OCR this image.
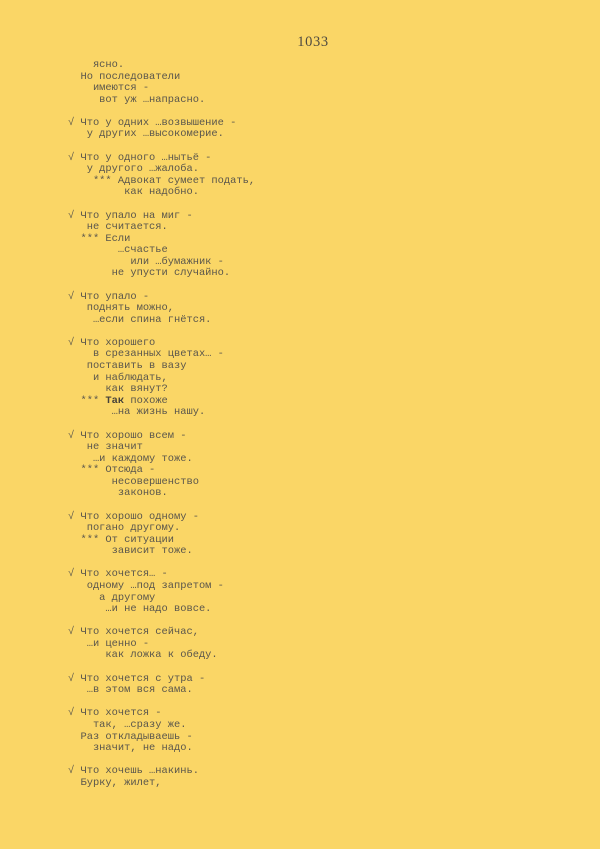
1033
ясно.
Но последователи
имеются -
вот уж …напрасно.
√ Что у одних …возвышение -
у других …высокомерие.
√ Что у одного …нытьё -
у другого …жалоба.
*** Адвокат сумеет подать,
как надобно.
√ Что упало на миг -
не считается.
*** Если
…счастье
или …бумажник -
не упусти случайно.
√ Что упало -
поднять можно,
…если спина гнётся.
√ Что хорошего
в срезанных цветах… -
поставить в вазу
и наблюдать,
как вянут?
*** Так похоже
…на жизнь нашу.
√ Что хорошо всем -
не значит
…и каждому тоже.
*** Отсюда -
несовершенство
законов.
√ Что хорошо одному -
погано другому.
*** От ситуации
зависит тоже.
√ Что хочется… -
одному …под запретом -
а другому
…и не надо вовсе.
√ Что хочется сейчас,
…и ценно -
как ложка к обеду.
√ Что хочется с утра -
…в этом вся сама.
√ Что хочется -
так, …сразу же.
Раз откладываешь -
значит, не надо.
√ Что хочешь …накинь.
Бурку, жилет,
